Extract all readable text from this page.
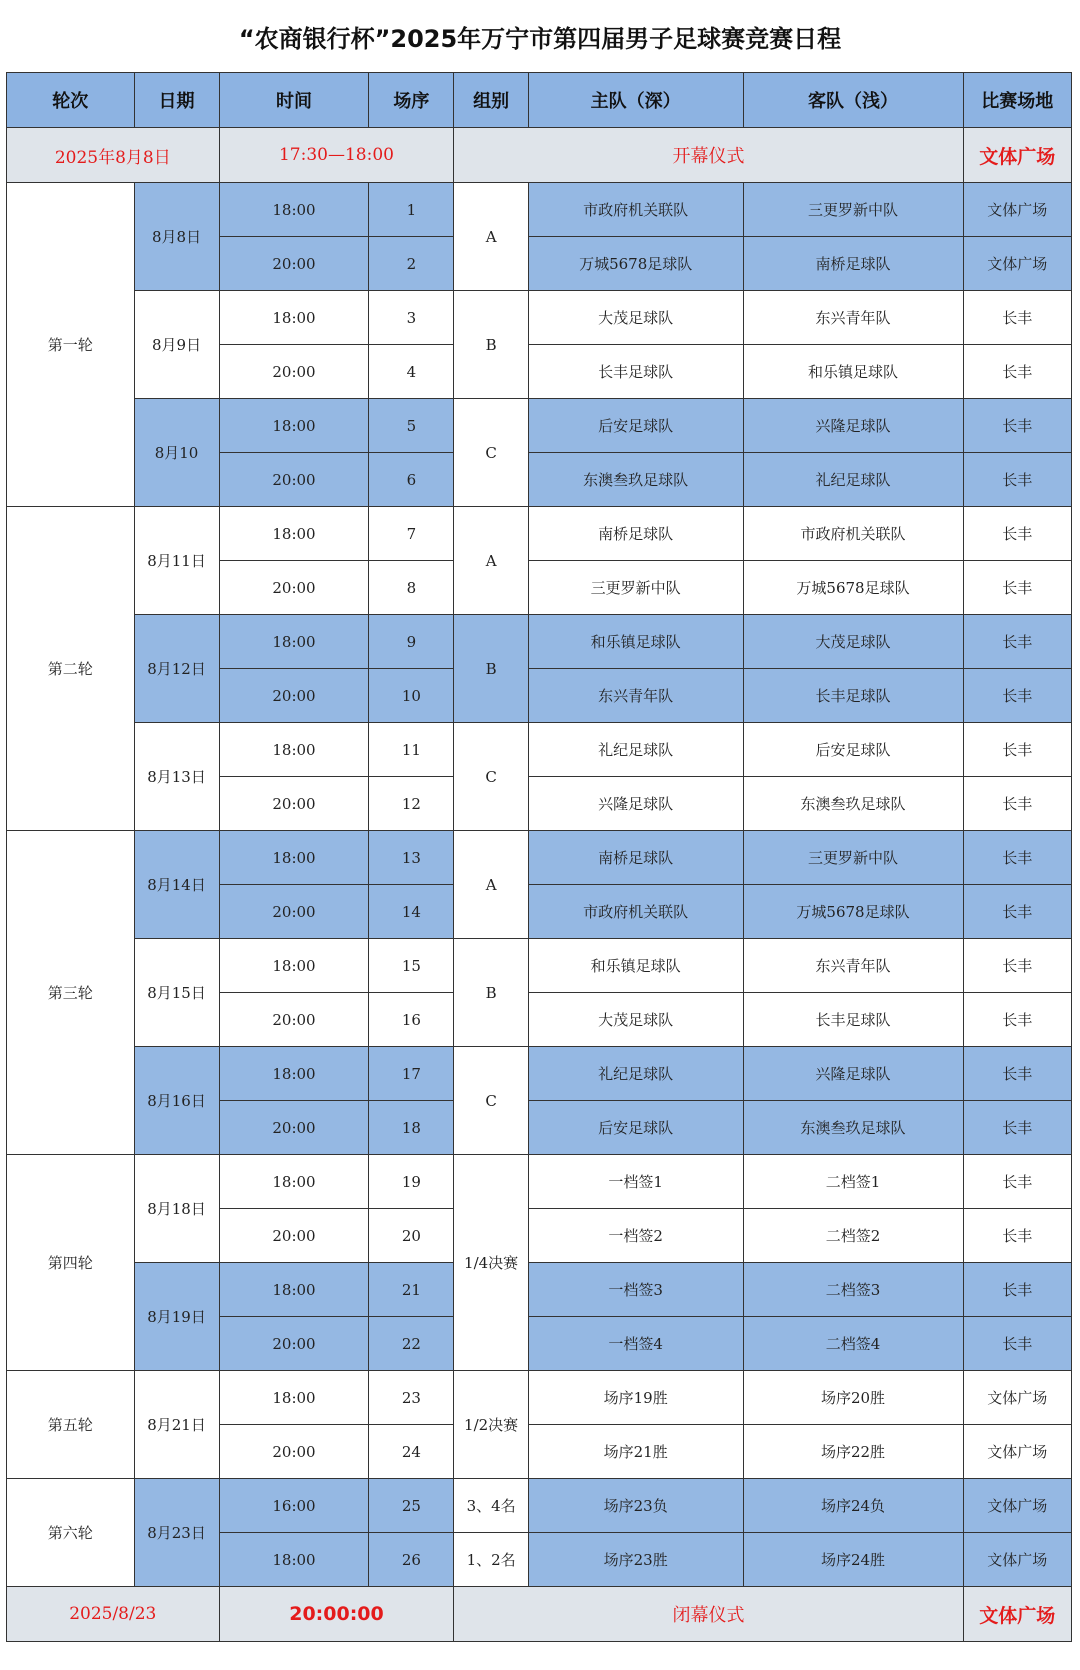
“农商银行杯”2025年万宁市第四届男子足球赛竞赛日程
轮次	日期	时间	场序	组别	主队（深）	客队（浅）	比赛场地
2025年8月8日		17:30—18:00		开幕仪式			文体广场
第一轮	8月8日	18:00	1	A	市政府机关联队	三更罗新中队	文体广场
		20:00	2		万城5678足球队	南桥足球队	文体广场
	8月9日	18:00	3	B	大茂足球队	东兴青年队	长丰
		20:00	4		长丰足球队	和乐镇足球队	长丰
	8月10	18:00	5	C	后安足球队	兴隆足球队	长丰
		20:00	6		东澳叁玖足球队	礼纪足球队	长丰
第二轮	8月11日	18:00	7	A	南桥足球队	市政府机关联队	长丰
		20:00	8		三更罗新中队	万城5678足球队	长丰
	8月12日	18:00	9	B	和乐镇足球队	大茂足球队	长丰
		20:00	10		东兴青年队	长丰足球队	长丰
	8月13日	18:00	11	C	礼纪足球队	后安足球队	长丰
		20:00	12		兴隆足球队	东澳叁玖足球队	长丰
第三轮	8月14日	18:00	13	A	南桥足球队	三更罗新中队	长丰
		20:00	14		市政府机关联队	万城5678足球队	长丰
	8月15日	18:00	15	B	和乐镇足球队	东兴青年队	长丰
		20:00	16		大茂足球队	长丰足球队	长丰
	8月16日	18:00	17	C	礼纪足球队	兴隆足球队	长丰
		20:00	18		后安足球队	东澳叁玖足球队	长丰
第四轮	8月18日	18:00	19	1/4决赛	一档签1	二档签1	长丰
		20:00	20		一档签2	二档签2	长丰
	8月19日	18:00	21		一档签3	二档签3	长丰
		20:00	22		一档签4	二档签4	长丰
第五轮	8月21日	18:00	23	1/2决赛	场序19胜	场序20胜	文体广场
		20:00	24		场序21胜	场序22胜	文体广场
第六轮	8月23日	16:00	25	3、4名	场序23负	场序24负	文体广场
		18:00	26	1、2名	场序23胜	场序24胜	文体广场
2025/8/23		20:00:00		闭幕仪式			文体广场
